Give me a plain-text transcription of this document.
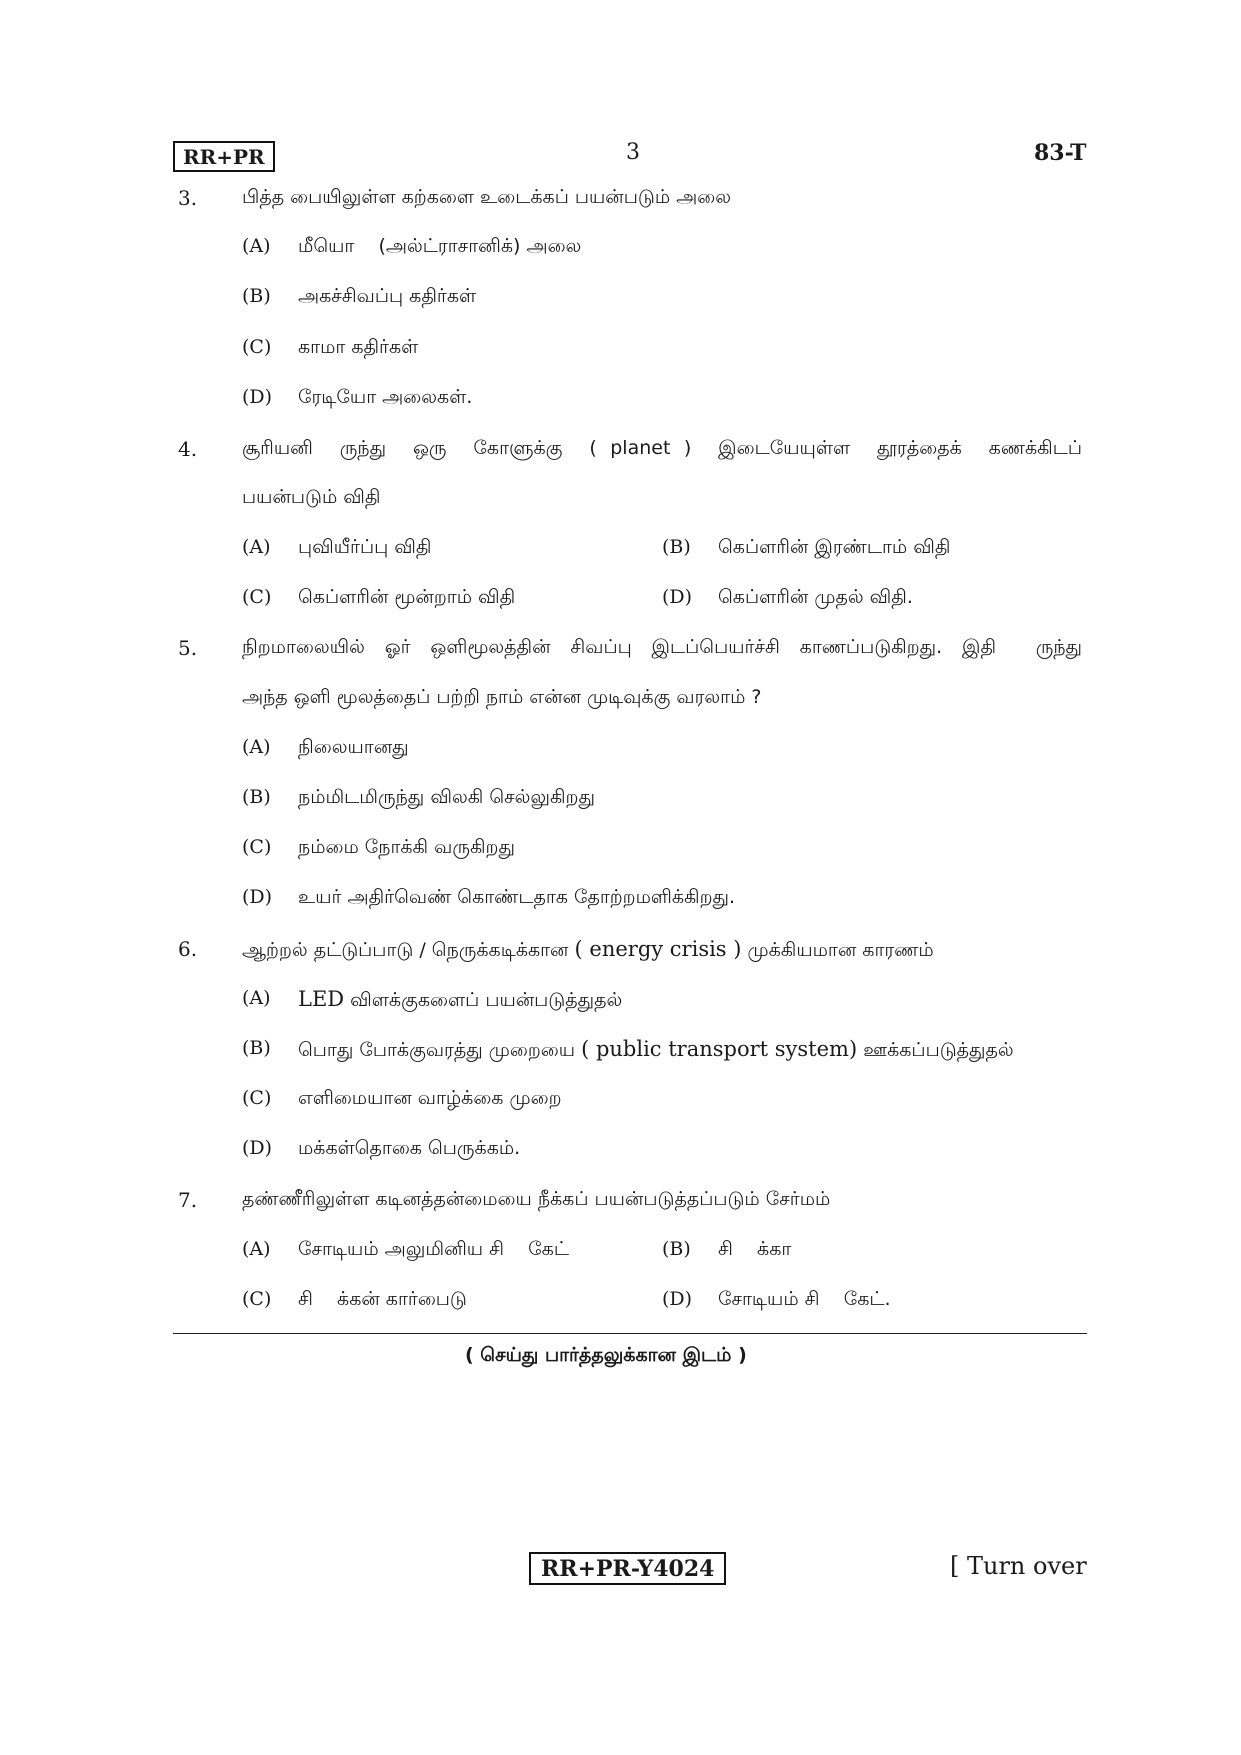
RR+PR	3	83-T
3. பித்த பையிலுள்ள கற்களை உடைக்கப் பயன்படும் அலை
(A) மீயொ    (அல்ட்ராசானிக்) அலை
(B) அகச்சிவப்பு கதிர்கள்
(C) காமா கதிர்கள்
(D) ரேடியோ அலைகள்.
4. சூரியனி  ருந்து  ஒரு  கோளுக்கு  ( planet )  இடையேயுள்ள  தூரத்தைக்  கணக்கிடப்
பயன்படும் விதி
(A) புவியீர்ப்பு விதி	(B) கெப்ளரின் இரண்டாம் விதி
(C) கெப்ளரின் மூன்றாம் விதி	(D) கெப்ளரின் முதல் விதி.
5. நிறமாலையில் ஓர் ஒளிமூலத்தின் சிவப்பு இடப்பெயர்ச்சி காணப்படுகிறது. இதி  ருந்து
அந்த ஒளி மூலத்தைப் பற்றி நாம் என்ன முடிவுக்கு வரலாம் ?
(A) நிலையானது
(B) நம்மிடமிருந்து விலகி செல்லுகிறது
(C) நம்மை நோக்கி வருகிறது
(D) உயர் அதிர்வெண் கொண்டதாக தோற்றமளிக்கிறது.
6. ஆற்றல் தட்டுப்பாடு / நெருக்கடிக்கான ( energy crisis ) முக்கியமான காரணம்
(A) LED விளக்குகளைப் பயன்படுத்துதல்
(B) பொது போக்குவரத்து முறையை ( public transport system) ஊக்கப்படுத்துதல்
(C) எளிமையான வாழ்க்கை முறை
(D) மக்கள்தொகை பெருக்கம்.
7. தண்ணீரிலுள்ள கடினத்தன்மையை நீக்கப் பயன்படுத்தப்படும் சேர்மம்
(A) சோடியம் அலுமினிய சி    கேட்	(B) சி    க்கா
(C) சி    க்கன் கார்பைடு	(D) சோடியம் சி    கேட்.
( செய்து பார்த்தலுக்கான இடம் )
RR+PR-Y4024	[ Turn over
